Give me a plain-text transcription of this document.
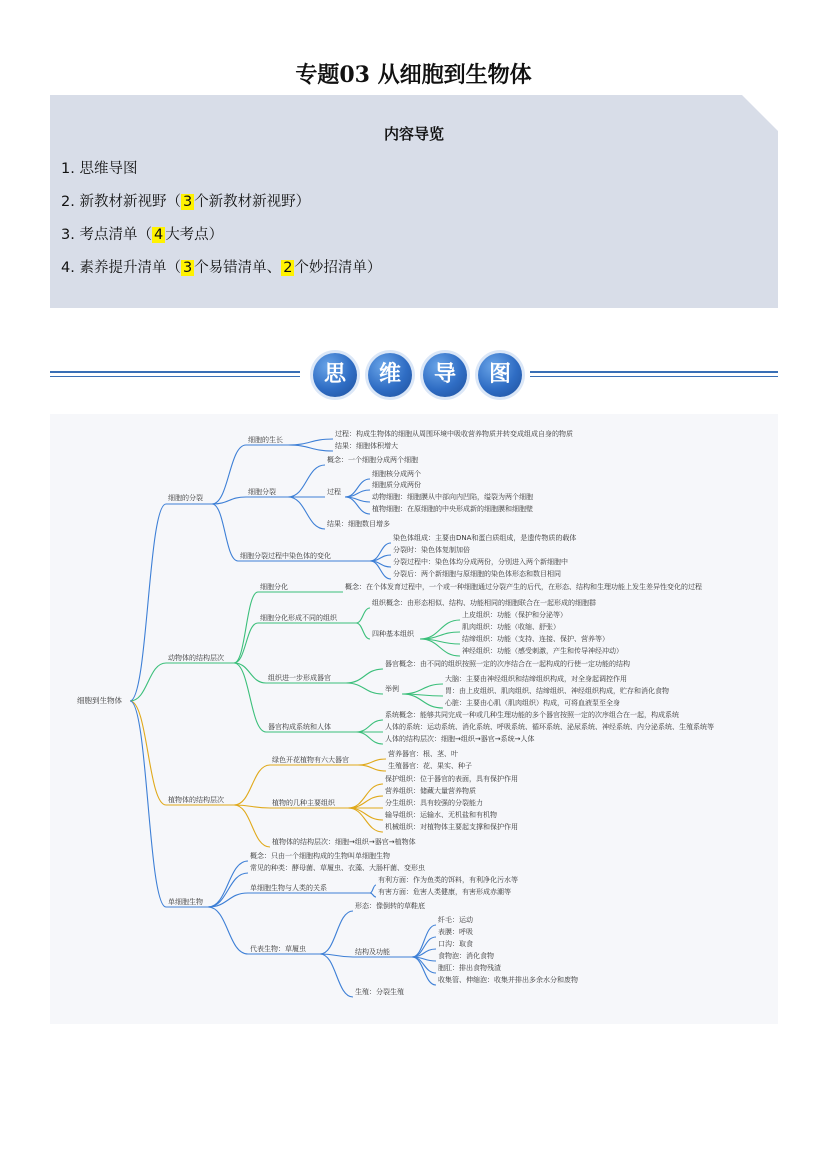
专题03 从细胞到生物体
内容导览
1. 思维导图
2. 新教材新视野（ 3 个新教材新视野）
3. 考点清单（ 4 大考点）
4. 素养提升清单（ 3 个易错清单、 2 个妙招清单）
思	维	导	图
细胞到生物体
细胞的分裂
细胞的生长
过程：构成生物体的细胞从周围环境中吸收营养物质并转变成组成自身的物质
结果：细胞体积增大
细胞分裂
概念：一个细胞分成两个细胞
过程
细胞核分成两个
细胞质分成两份
动物细胞：细胞膜从中部向内凹陷，缢裂为两个细胞
植物细胞：在原细胞的中央形成新的细胞膜和细胞壁
结果：细胞数目增多
细胞分裂过程中染色体的变化
染色体组成：主要由DNA和蛋白质组成，是遗传物质的载体
分裂时：染色体复制加倍
分裂过程中：染色体均分成两份，分别进入两个新细胞中
分裂后：两个新细胞与原细胞的染色体形态和数目相同
动物体的结构层次
细胞分化	概念：在个体发育过程中，一个或一种细胞通过分裂产生的后代，在形态、结构和生理功能上发生差异性变化的过程
细胞分化形成不同的组织
组织概念：由形态相似、结构、功能相同的细胞联合在一起形成的细胞群
四种基本组织
上皮组织：功能（保护和分泌等）
肌肉组织：功能（收缩、舒张）
结缔组织：功能（支持、连接、保护、营养等）
神经组织：功能（感受刺激，产生和传导神经冲动）
组织进一步形成器官
器官概念：由不同的组织按照一定的次序结合在一起构成的行使一定功能的结构
举例
大脑：主要由神经组织和结缔组织构成，对全身起调控作用
胃：由上皮组织、肌肉组织、结缔组织、神经组织构成，贮存和消化食物
心脏：主要由心肌（肌肉组织）构成，可将血液泵至全身
器官构成系统和人体
系统概念：能够共同完成一种或几种生理功能的多个器官按照一定的次序组合在一起，构成系统
人体的系统：运动系统、消化系统、呼吸系统、循环系统、泌尿系统、神经系统、内分泌系统、生殖系统等
人体的结构层次：细胞→组织→器官→系统→人体
植物体的结构层次
绿色开花植物有六大器官
营养器官：根、茎、叶
生殖器官：花、果实、种子
植物的几种主要组织
保护组织：位于器官的表面，具有保护作用
营养组织：储藏大量营养物质
分生组织：具有较强的分裂能力
输导组织：运输水、无机盐和有机物
机械组织：对植物体主要起支撑和保护作用
植物体的结构层次：细胞→组织→器官→植物体
单细胞生物
概念：只由一个细胞构成的生物叫单细胞生物
常见的种类：酵母菌、草履虫、衣藻、大肠杆菌、变形虫
单细胞生物与人类的关系
有利方面：作为鱼类的饵料，有利净化污水等
有害方面：危害人类健康，有害形成赤潮等
代表生物：草履虫
形态：像倒转的草鞋底
结构及功能
纤毛：运动
表膜：呼吸
口沟：取食
食物泡：消化食物
胞肛：排出食物残渣
收集管、伸缩泡：收集并排出多余水分和废物
生殖：分裂生殖
